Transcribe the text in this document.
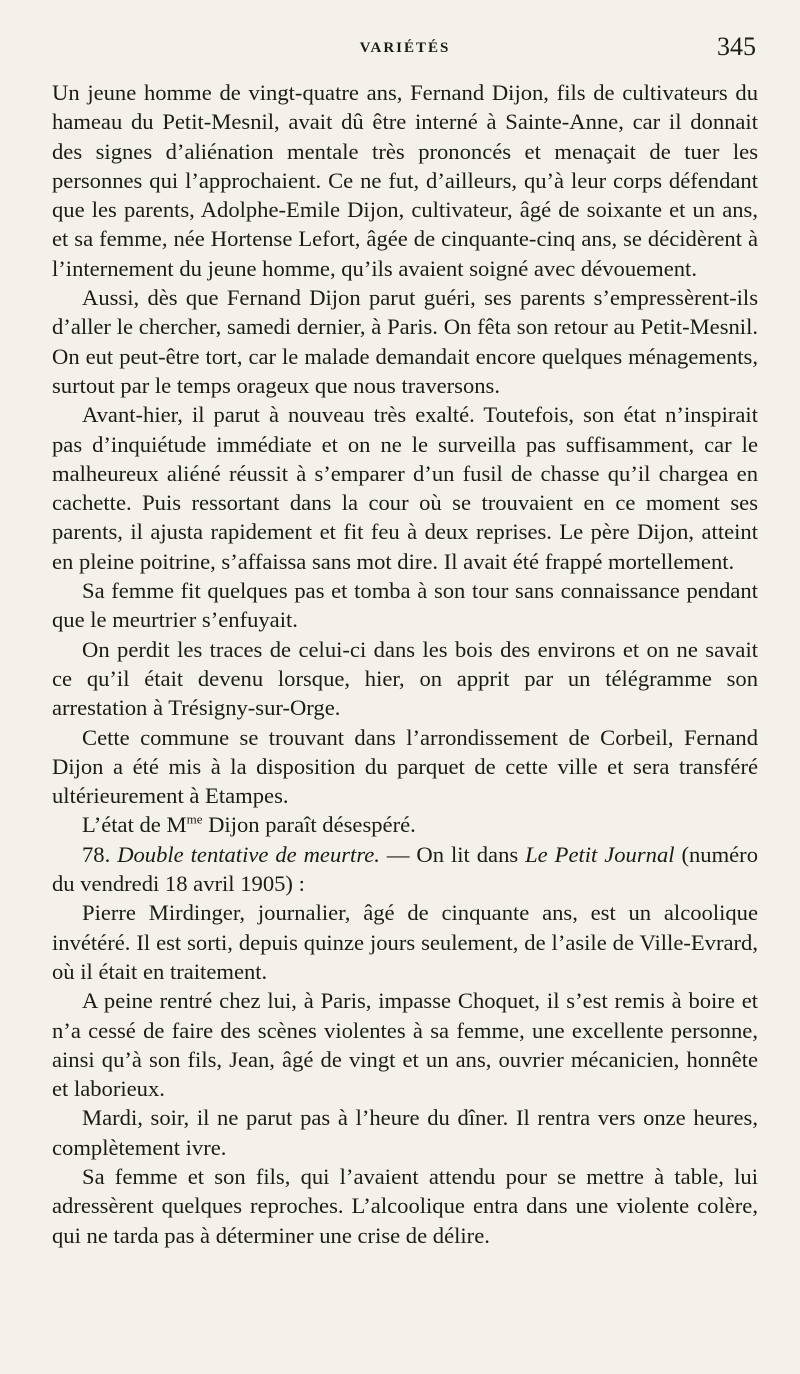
VARIÉTÉS	345

Un jeune homme de vingt-quatre ans, Fernand Dijon, fils de cultivateurs du hameau du Petit-Mesnil, avait dû être interné à Sainte-Anne, car il donnait des signes d’aliénation mentale très prononcés et menaçait de tuer les personnes qui l’approchaient. Ce ne fut, d’ailleurs, qu’à leur corps défendant que les parents, Adolphe-Emile Dijon, cultivateur, âgé de soixante et un ans, et sa femme, née Hortense Lefort, âgée de cinquante-cinq ans, se décidèrent à l’internement du jeune homme, qu’ils avaient soigné avec dévouement.

Aussi, dès que Fernand Dijon parut guéri, ses parents s’empressèrent-ils d’aller le chercher, samedi dernier, à Paris. On fêta son retour au Petit-Mesnil. On eut peut-être tort, car le malade demandait encore quelques ménagements, surtout par le temps orageux que nous traversons.

Avant-hier, il parut à nouveau très exalté. Toutefois, son état n’inspirait pas d’inquiétude immédiate et on ne le surveilla pas suffisamment, car le malheureux aliéné réussit à s’emparer d’un fusil de chasse qu’il chargea en cachette. Puis ressortant dans la cour où se trouvaient en ce moment ses parents, il ajusta rapidement et fit feu à deux reprises. Le père Dijon, atteint en pleine poitrine, s’affaissa sans mot dire. Il avait été frappé mortellement.

Sa femme fit quelques pas et tomba à son tour sans connaissance pendant que le meurtrier s’enfuyait.

On perdit les traces de celui-ci dans les bois des environs et on ne savait ce qu’il était devenu lorsque, hier, on apprit par un télégramme son arrestation à Trésigny-sur-Orge.

Cette commune se trouvant dans l’arrondissement de Corbeil, Fernand Dijon a été mis à la disposition du parquet de cette ville et sera transféré ultérieurement à Etampes.

L’état de $M^{me}$ Dijon paraît désespéré.

78. Double tentative de meurtre. — On lit dans Le Petit Journal (numéro du vendredi 18 avril 1905) :

Pierre Mirdinger, journalier, âgé de cinquante ans, est un alcoolique invétéré. Il est sorti, depuis quinze jours seulement, de l’asile de Ville-Evrard, où il était en traitement.

A peine rentré chez lui, à Paris, impasse Choquet, il s’est remis à boire et n’a cessé de faire des scènes violentes à sa femme, une excellente personne, ainsi qu’à son fils, Jean, âgé de vingt et un ans, ouvrier mécanicien, honnête et laborieux.

Mardi, soir, il ne parut pas à l’heure du dîner. Il rentra vers onze heures, complètement ivre.

Sa femme et son fils, qui l’avaient attendu pour se mettre à table, lui adressèrent quelques reproches. L’alcoolique entra dans une violente colère, qui ne tarda pas à déterminer une crise de délire.
